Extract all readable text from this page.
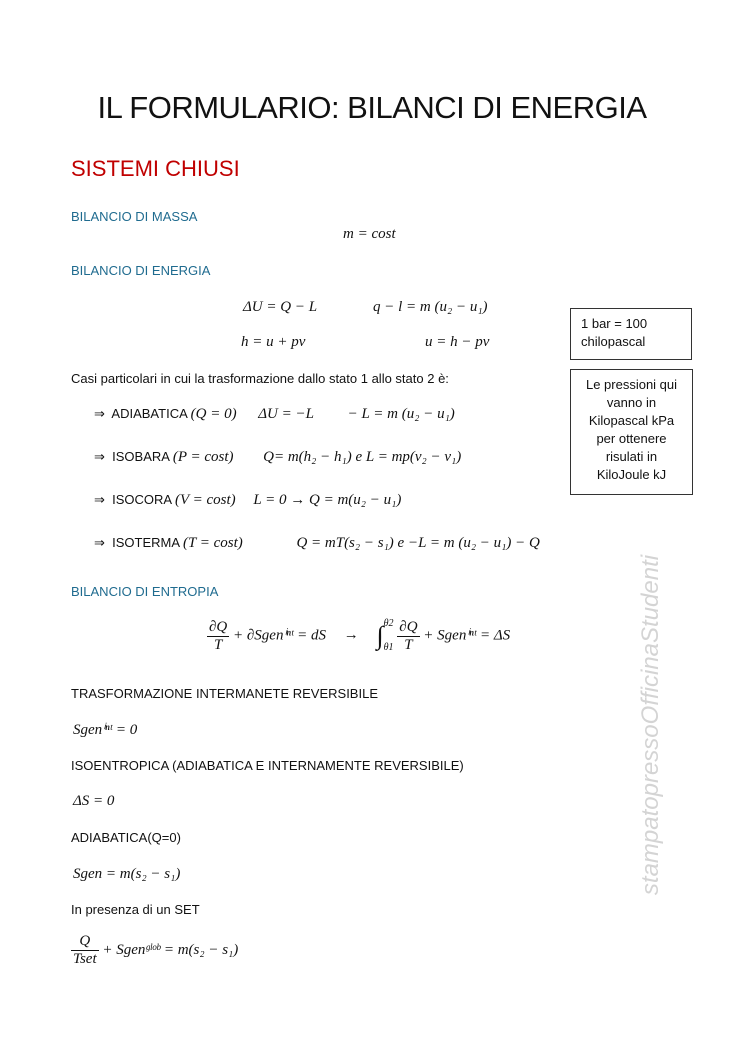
IL FORMULARIO: BILANCI DI ENERGIA
SISTEMI CHIUSI
BILANCIO DI MASSA
m = cost
BILANCIO DI ENERGIA
ΔU = Q − L	q − l = m (u₂ − u₁)
h = u + pv	u = h − pv
Casi particolari in cui la trasformazione dallo stato 1 allo stato 2 è:
⇒ ADIABATICA (Q = 0) ΔU = −L − L = m (u₂ − u₁)
⇒ ISOBARA (P = cost) Q= m(h₂ − h₁) e L = mp(v₂ − v₁)
⇒ ISOCORA (V = cost) L = 0 → Q = m(u₂ − u₁)
⇒ ISOTERMA (T = cost)	Q = mT(s₂ − s₁) e −L = m (u₂ − u₁) − Q
1 bar = 100 chilopascal
Le pressioni qui vanno in Kilopascal kPa per ottenere risulati in KiloJoule kJ
BILANCIO DI ENTROPIA
$\frac{\partial Q}{T}$ + ∂Sgenⁱⁿᵗ = dS → ∫ θ2
θ1
$\frac{\partial Q}{T}$ + Sgenⁱⁿᵗ = ΔS
TRASFORMAZIONE INTERMANETE REVERSIBILE
Sgenⁱⁿᵗ = 0
ISOENTROPICA (ADIABATICA E INTERNAMENTE REVERSIBILE)
ΔS = 0
ADIABATICA(Q=0)
Sgen = m(s₂ − s₁)
In presenza di un SET
$\frac{Q}{\text{Tset}}$ + Sgenᵍˡᵒᵇ = m(s₂ − s₁)
stampatopressoOfficinaStudenti
